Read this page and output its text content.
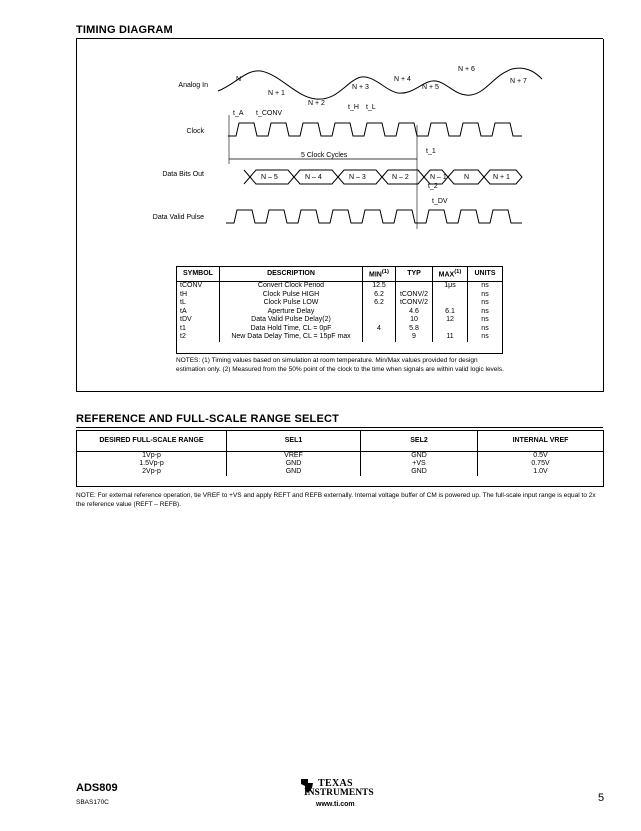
TIMING DIAGRAM
Analog In
Clock
Data Bits Out
Data Valid Pulse
N
N + 1
N + 2
N + 3
N + 4
N + 5
N + 6
N + 7
t_A t_CONV
t_H t_L
t_1
t_2
t_DV
5 Clock Cycles
N – 5	N – 4	N – 3	N – 2	N – 1 N	N + 1
SYMBOL	DESCRIPTION	MIN$^{(1)}$	TYP	MAX$^{(1)}$	UNITS
tCONV	Convert Clock Period	12.5		1μs	ns
tH	Clock Pulse HIGH	6.2	tCONV/2		ns
tL	Clock Pulse LOW	6.2	tCONV/2		ns
tA	Aperture Delay		4.6	6.1	ns
tDV	Data Valid Pulse Delay(2)		10	12	ns
t1	Data Hold Time, CL = 0pF	4	5.8		ns
t2	New Data Delay Time, CL = 15pF max		9	11	ns
NOTES: (1) Timing values based on simulation at room temperature. Min/Max values provided for design estimation only. (2) Measured from the 50% point of the clock to the time when signals are within valid logic levels.
REFERENCE AND FULL-SCALE RANGE SELECT
DESIRED FULL-SCALE RANGE	SEL1	SEL2	INTERNAL VREF
1Vp-p	VREF	GND	0.5V
1.5Vp-p	GND	+VS	0.75V
2Vp-p	GND	GND	1.0V
NOTE: For external reference operation, tie VREF to +VS and apply REFT and REFB externally. Internal voltage buffer of CM is powered up. The full-scale input range is equal to 2x the reference value (REFT – REFB).
ADS809
SBAS170C
TEXAS
INSTRUMENTS
www.ti.com
5
